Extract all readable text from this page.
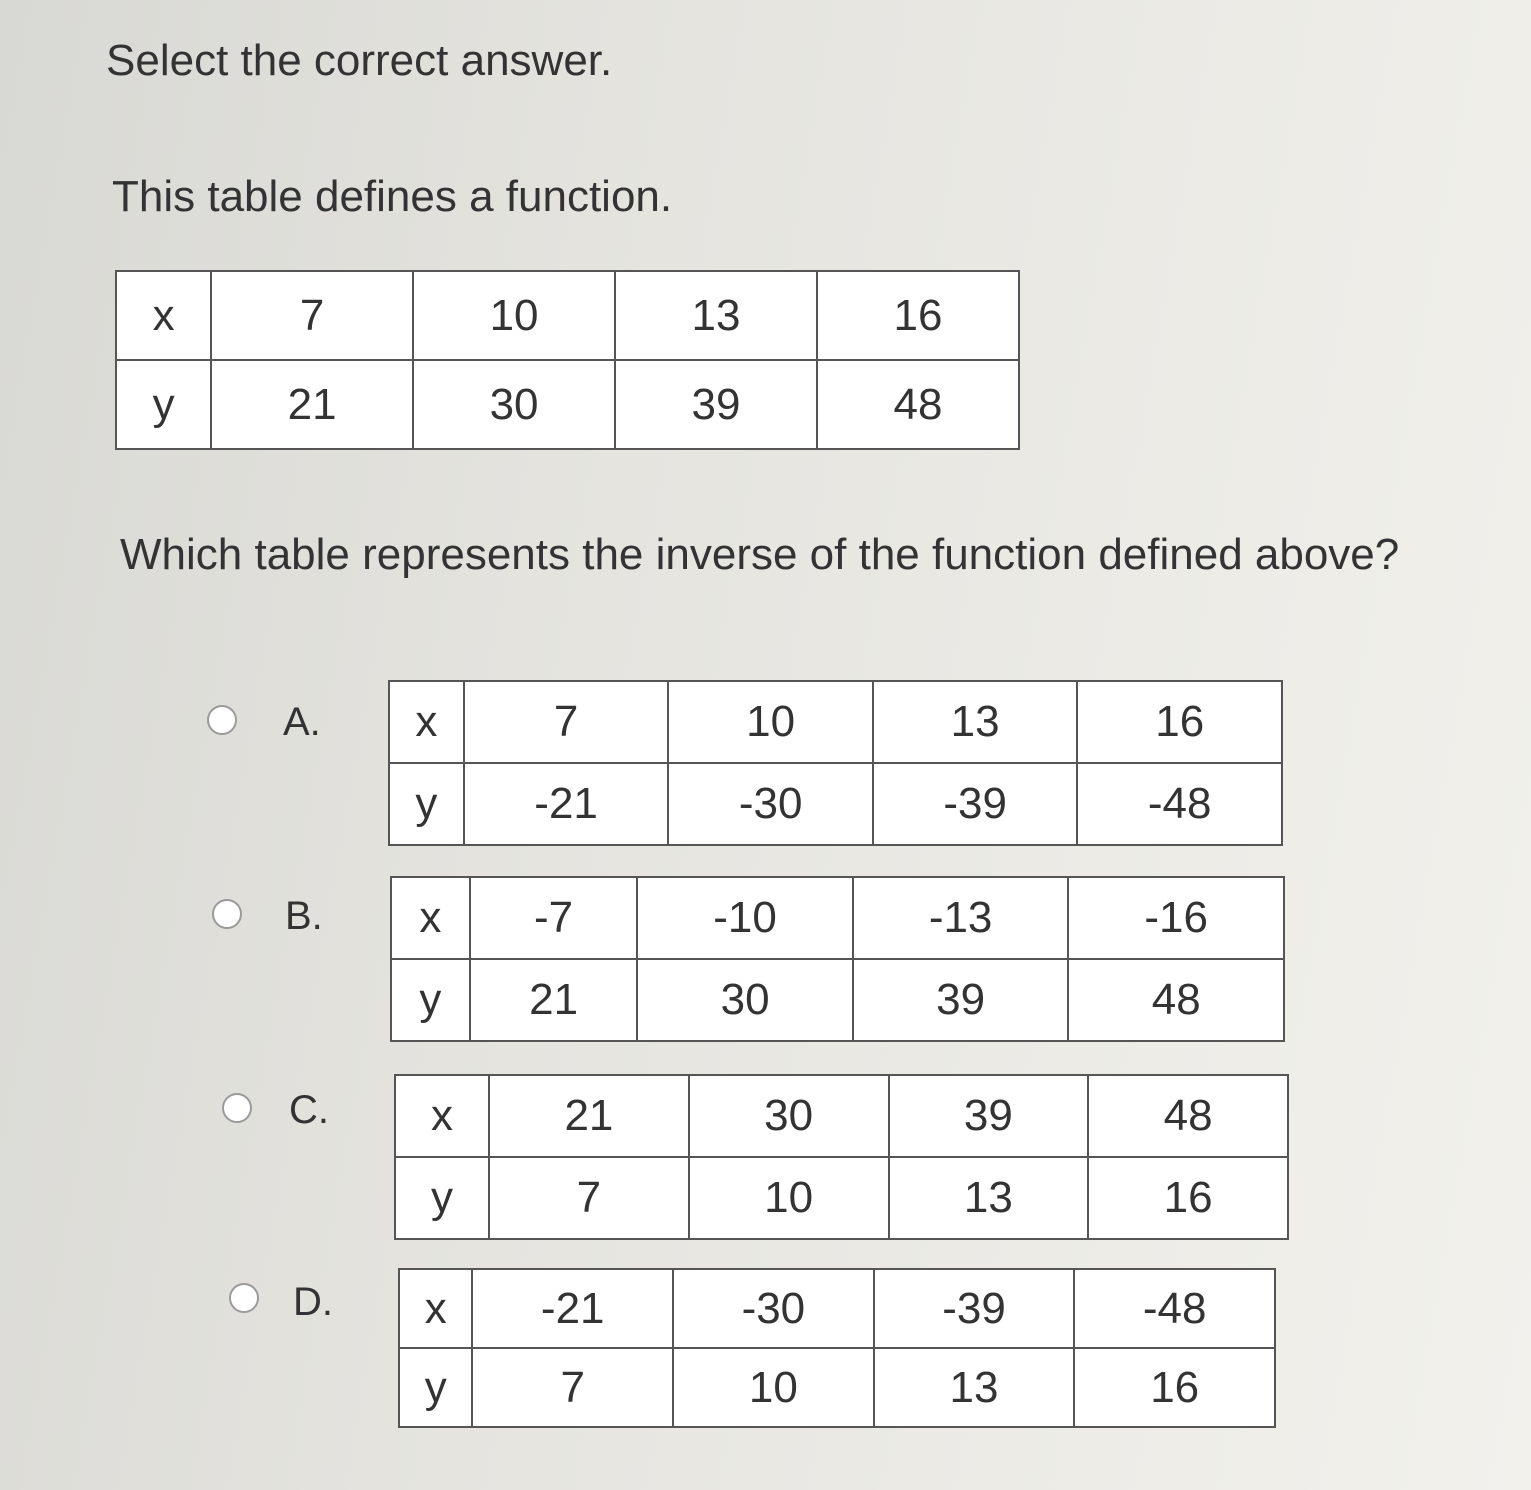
Select the correct answer.
This table defines a function.
x	7	10	13	16
y	21	30	39	48
Which table represents the inverse of the function defined above?
A. x	7	10	13	16
y	-21	-30	-39	-48
B. x	-7	-10	-13	-16
y	21	30	39	48
C. x	21	30	39	48
y	7	10	13	16
D. x	-21	-30	-39	-48
y	7	10	13	16
